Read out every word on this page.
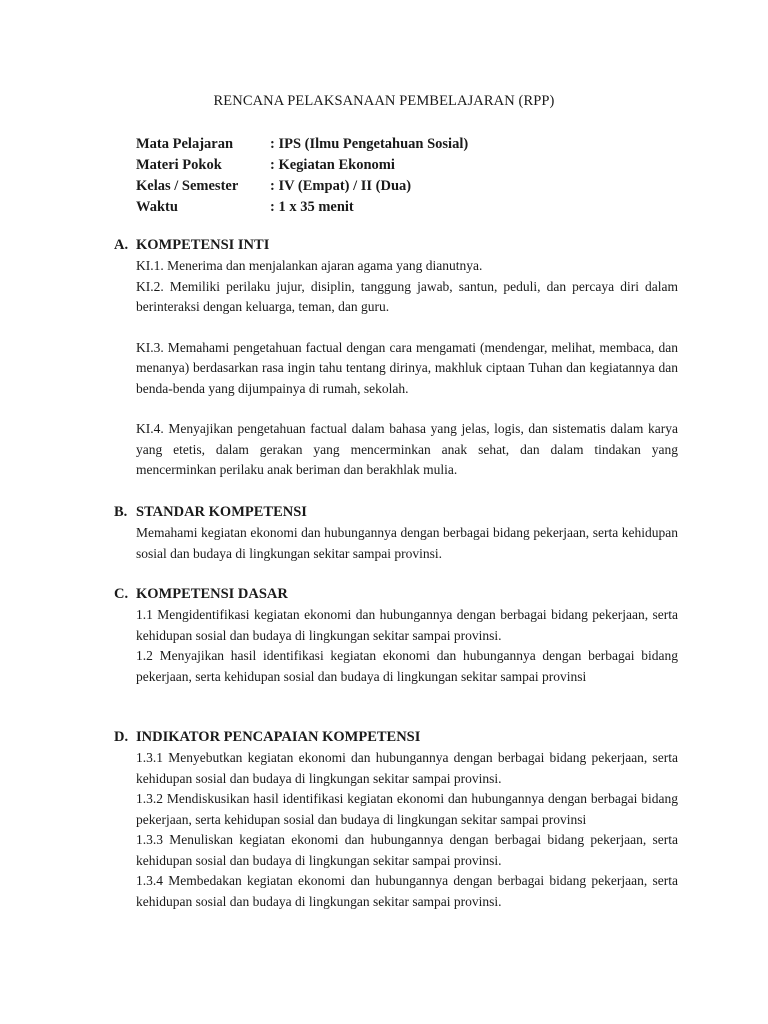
RENCANA PELAKSANAAN PEMBELAJARAN (RPP)
Mata Pelajaran	: IPS (Ilmu Pengetahuan Sosial)
Materi Pokok	: Kegiatan Ekonomi
Kelas / Semester	: IV (Empat) / II (Dua)
Waktu	: 1 x 35 menit
A. KOMPETENSI INTI

KI.1. Menerima dan menjalankan ajaran agama yang dianutnya.

KI.2. Memiliki perilaku jujur, disiplin, tanggung jawab, santun, peduli, dan percaya diri dalam berinteraksi dengan keluarga, teman, dan guru.

KI.3. Memahami pengetahuan factual dengan cara mengamati (mendengar, melihat, membaca, dan menanya) berdasarkan rasa ingin tahu tentang dirinya, makhluk ciptaan Tuhan dan kegiatannya dan benda-benda yang dijumpainya di rumah, sekolah.

KI.4. Menyajikan pengetahuan factual dalam bahasa yang jelas, logis, dan sistematis dalam karya yang etetis, dalam gerakan yang mencerminkan anak sehat, dan dalam tindakan yang mencerminkan perilaku anak beriman dan berakhlak mulia.

B. STANDAR KOMPETENSI

Memahami kegiatan ekonomi dan hubungannya dengan berbagai bidang pekerjaan, serta kehidupan sosial dan budaya di lingkungan sekitar sampai provinsi.

C. KOMPETENSI DASAR

1.1 Mengidentifikasi kegiatan ekonomi dan hubungannya dengan berbagai bidang pekerjaan, serta kehidupan sosial dan budaya di lingkungan sekitar sampai provinsi.

1.2 Menyajikan hasil identifikasi kegiatan ekonomi dan hubungannya dengan berbagai bidang pekerjaan, serta kehidupan sosial dan budaya di lingkungan sekitar sampai provinsi

D. INDIKATOR PENCAPAIAN KOMPETENSI

1.3.1 Menyebutkan kegiatan ekonomi dan hubungannya dengan berbagai bidang pekerjaan, serta kehidupan sosial dan budaya di lingkungan sekitar sampai provinsi.

1.3.2 Mendiskusikan hasil identifikasi kegiatan ekonomi dan hubungannya dengan berbagai bidang pekerjaan, serta kehidupan sosial dan budaya di lingkungan sekitar sampai provinsi

1.3.3 Menuliskan kegiatan ekonomi dan hubungannya dengan berbagai bidang pekerjaan, serta kehidupan sosial dan budaya di lingkungan sekitar sampai provinsi.

1.3.4 Membedakan kegiatan ekonomi dan hubungannya dengan berbagai bidang pekerjaan, serta kehidupan sosial dan budaya di lingkungan sekitar sampai provinsi.
